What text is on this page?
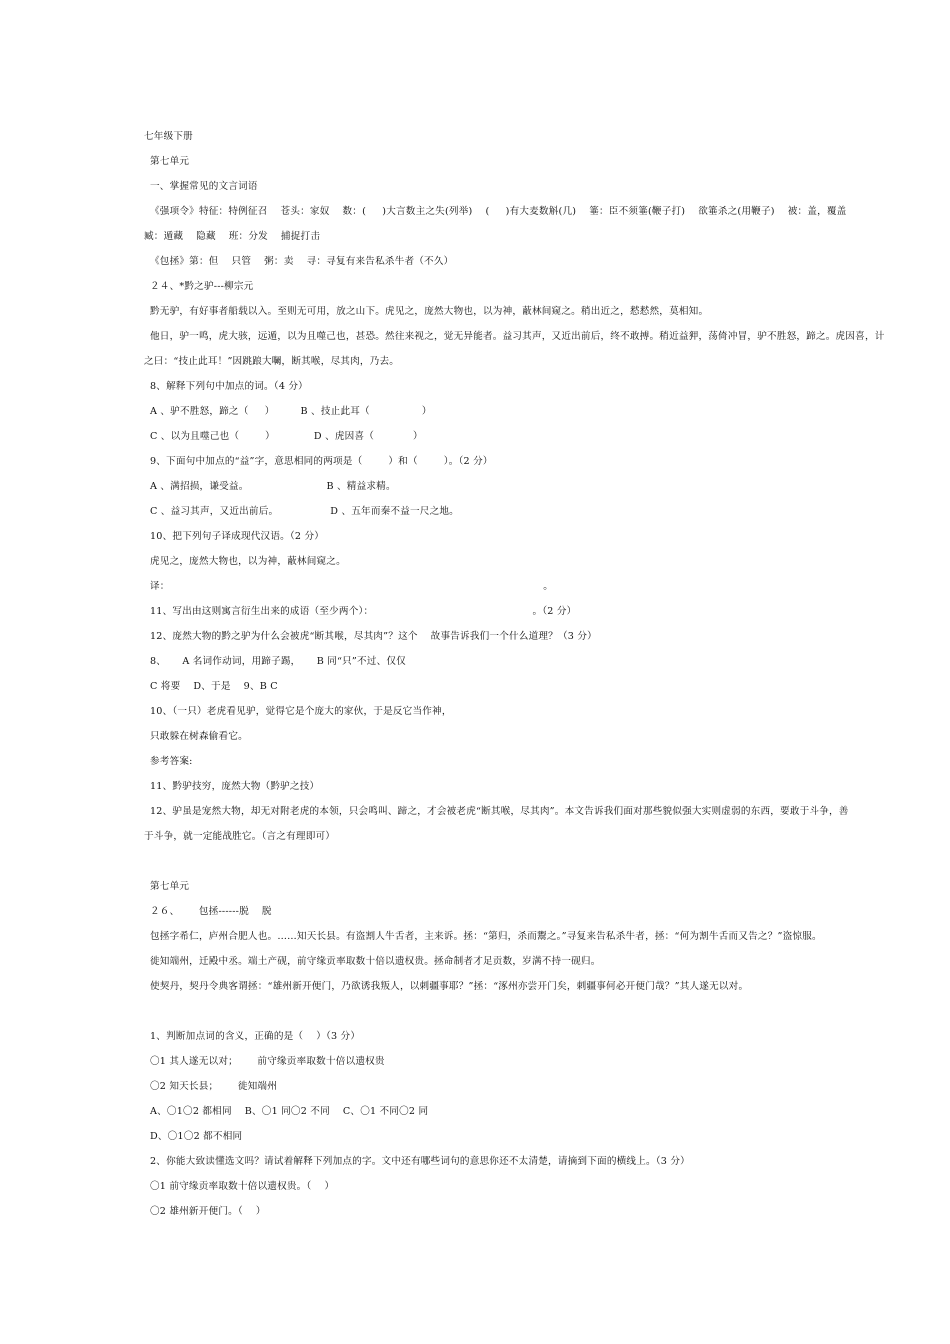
七年级下册
第七单元
一、掌握常见的文言词语
《强项令》特征：特例征召    苍头：家奴    数：(     )大言数主之失(列举)    (     )有大麦数斛(几)    箠：臣不须箠(鞭子打)    欲箠杀之(用鞭子)    被：盖，覆盖
臧：遁藏    隐藏    班：分发    捕捉打击
《包拯》第：但    只管    粥：卖    寻：寻复有来告私杀牛者（不久）
２４、*黔之驴---柳宗元
黔无驴，有好事者船载以入。至则无可用，放之山下。虎见之，庞然大物也，以为神，蔽林间窥之。稍出近之，慭慭然，莫相知。
他日，驴一鸣，虎大骇，远遁，以为且噬己也，甚恐。然往来视之，觉无异能者。益习其声，又近出前后，终不敢搏。稍近益狎，荡倚冲冒，驴不胜怒，蹄之。虎因喜，计
之曰：“技止此耳！”因跳踉大㘎，断其喉，尽其肉，乃去。
8、解释下列句中加点的词。（4 分）
A 、驴不胜怒，蹄之（     ）        B 、技止此耳（                ）
C 、以为且噬己也（        ）            D 、虎因喜（            ）
9、下面句中加点的“益”字，意思相同的两项是（        ）和（        ）。（2 分）
A 、满招损，谦受益。                        B 、精益求精。
C 、益习其声，又近出前后。                D 、五年而秦不益一尺之地。
10、把下列句子译成现代汉语。（2 分）
虎见之，庞然大物也，以为神，蔽林间窥之。
译：                                                                                                                   。
11、写出由这则寓言衍生出来的成语（至少两个）：                                                 。（2 分）
12、庞然大物的黔之驴为什么会被虎“断其喉，尽其肉”？这个    故事告诉我们一个什么道理？（3 分）
8、     A 名词作动词，用蹄子踢，     B 同“只”不过、仅仅
C 将要    D、于是    9、B C
10、（一只）老虎看见驴，觉得它是个庞大的家伙，于是反它当作神，
只敢躲在树森偷看它。
参考答案:
11、黔驴技穷，庞然大物（黔驴之技）
12、驴虽是宠然大物，却无对附老虎的本领，只会鸣叫、蹄之，才会被老虎“断其喉，尽其肉”。本文告诉我们面对那些貌似强大实则虚弱的东西，要敢于斗争，善
于斗争，就一定能战胜它。（言之有理即可）
第七单元
２６、      包拯------脱    脱
包拯字希仁，庐州合肥人也。……知天长县。有盗割人牛舌者，主来诉。拯：“第归，杀而鬻之。”寻复来告私杀牛者，拯：“何为割牛舌而又告之？”盗惊服。
徙知端州，迁殿中丞。端土产砚，前守缘贡率取数十倍以遗权贵。拯命制者才足贡数，岁满不持一砚归。
使契丹，契丹令典客谓拯：“雄州新开便门，乃欲诱我叛人，以刺疆事耶？”拯：“涿州亦尝开门矣，刺疆事何必开便门哉？”其人遂无以对。
1、判断加点词的含义，正确的是（    ）（3 分）
〇1 其人遂无以对；      前守缘贡率取数十倍以遗权贵
〇2 知天长县；      徙知端州
A、〇1〇2 都相同    B、〇1 同〇2 不同    C、〇1 不同〇2 同
D、〇1〇2 都不相同
2、你能大致读懂选文吗？请试着解释下列加点的字。文中还有哪些词句的意思你还不太清楚，请摘到下面的横线上。（3 分）
〇1 前守缘贡率取数十倍以遗权贵。（    ）
〇2 雄州新开便门。（    ）
